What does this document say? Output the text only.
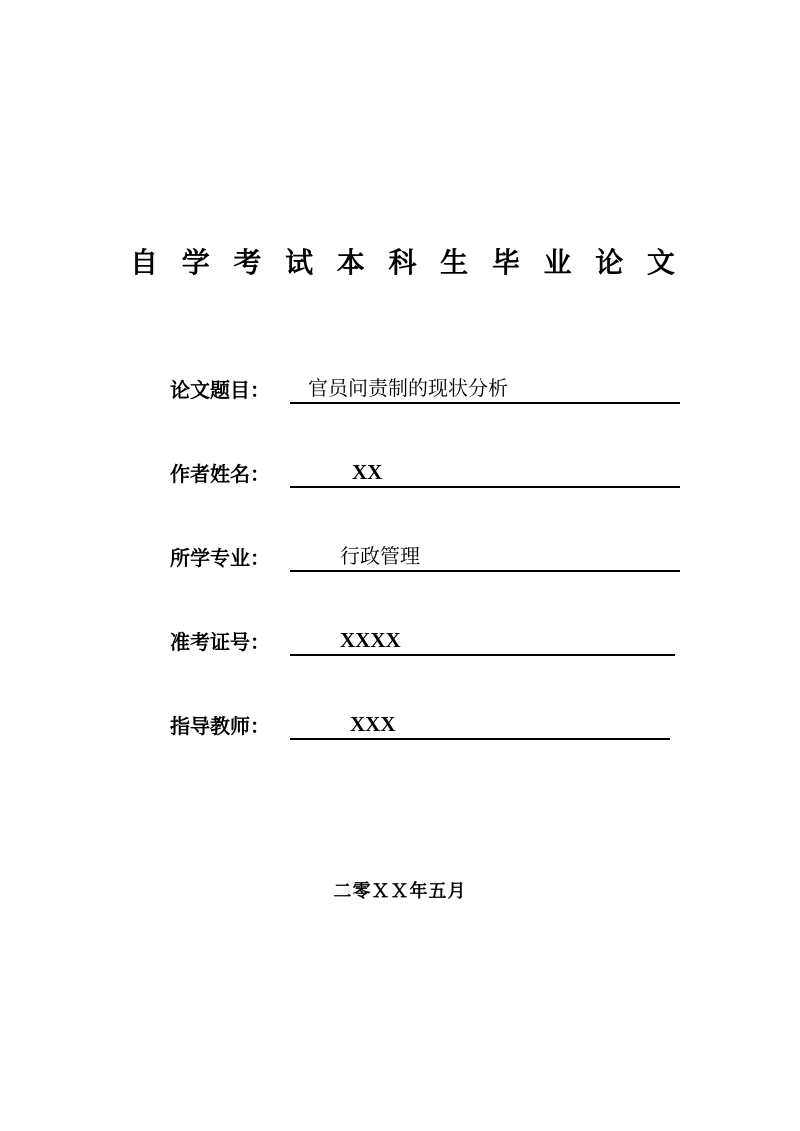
自 学 考 试 本 科 生 毕 业 论 文
论文题目： 官员问责制的现状分析
作者姓名：	XX
所学专业：	行政管理
准考证号：	XXXX
指导教师：	XXX
二零ＸＸ年五月
